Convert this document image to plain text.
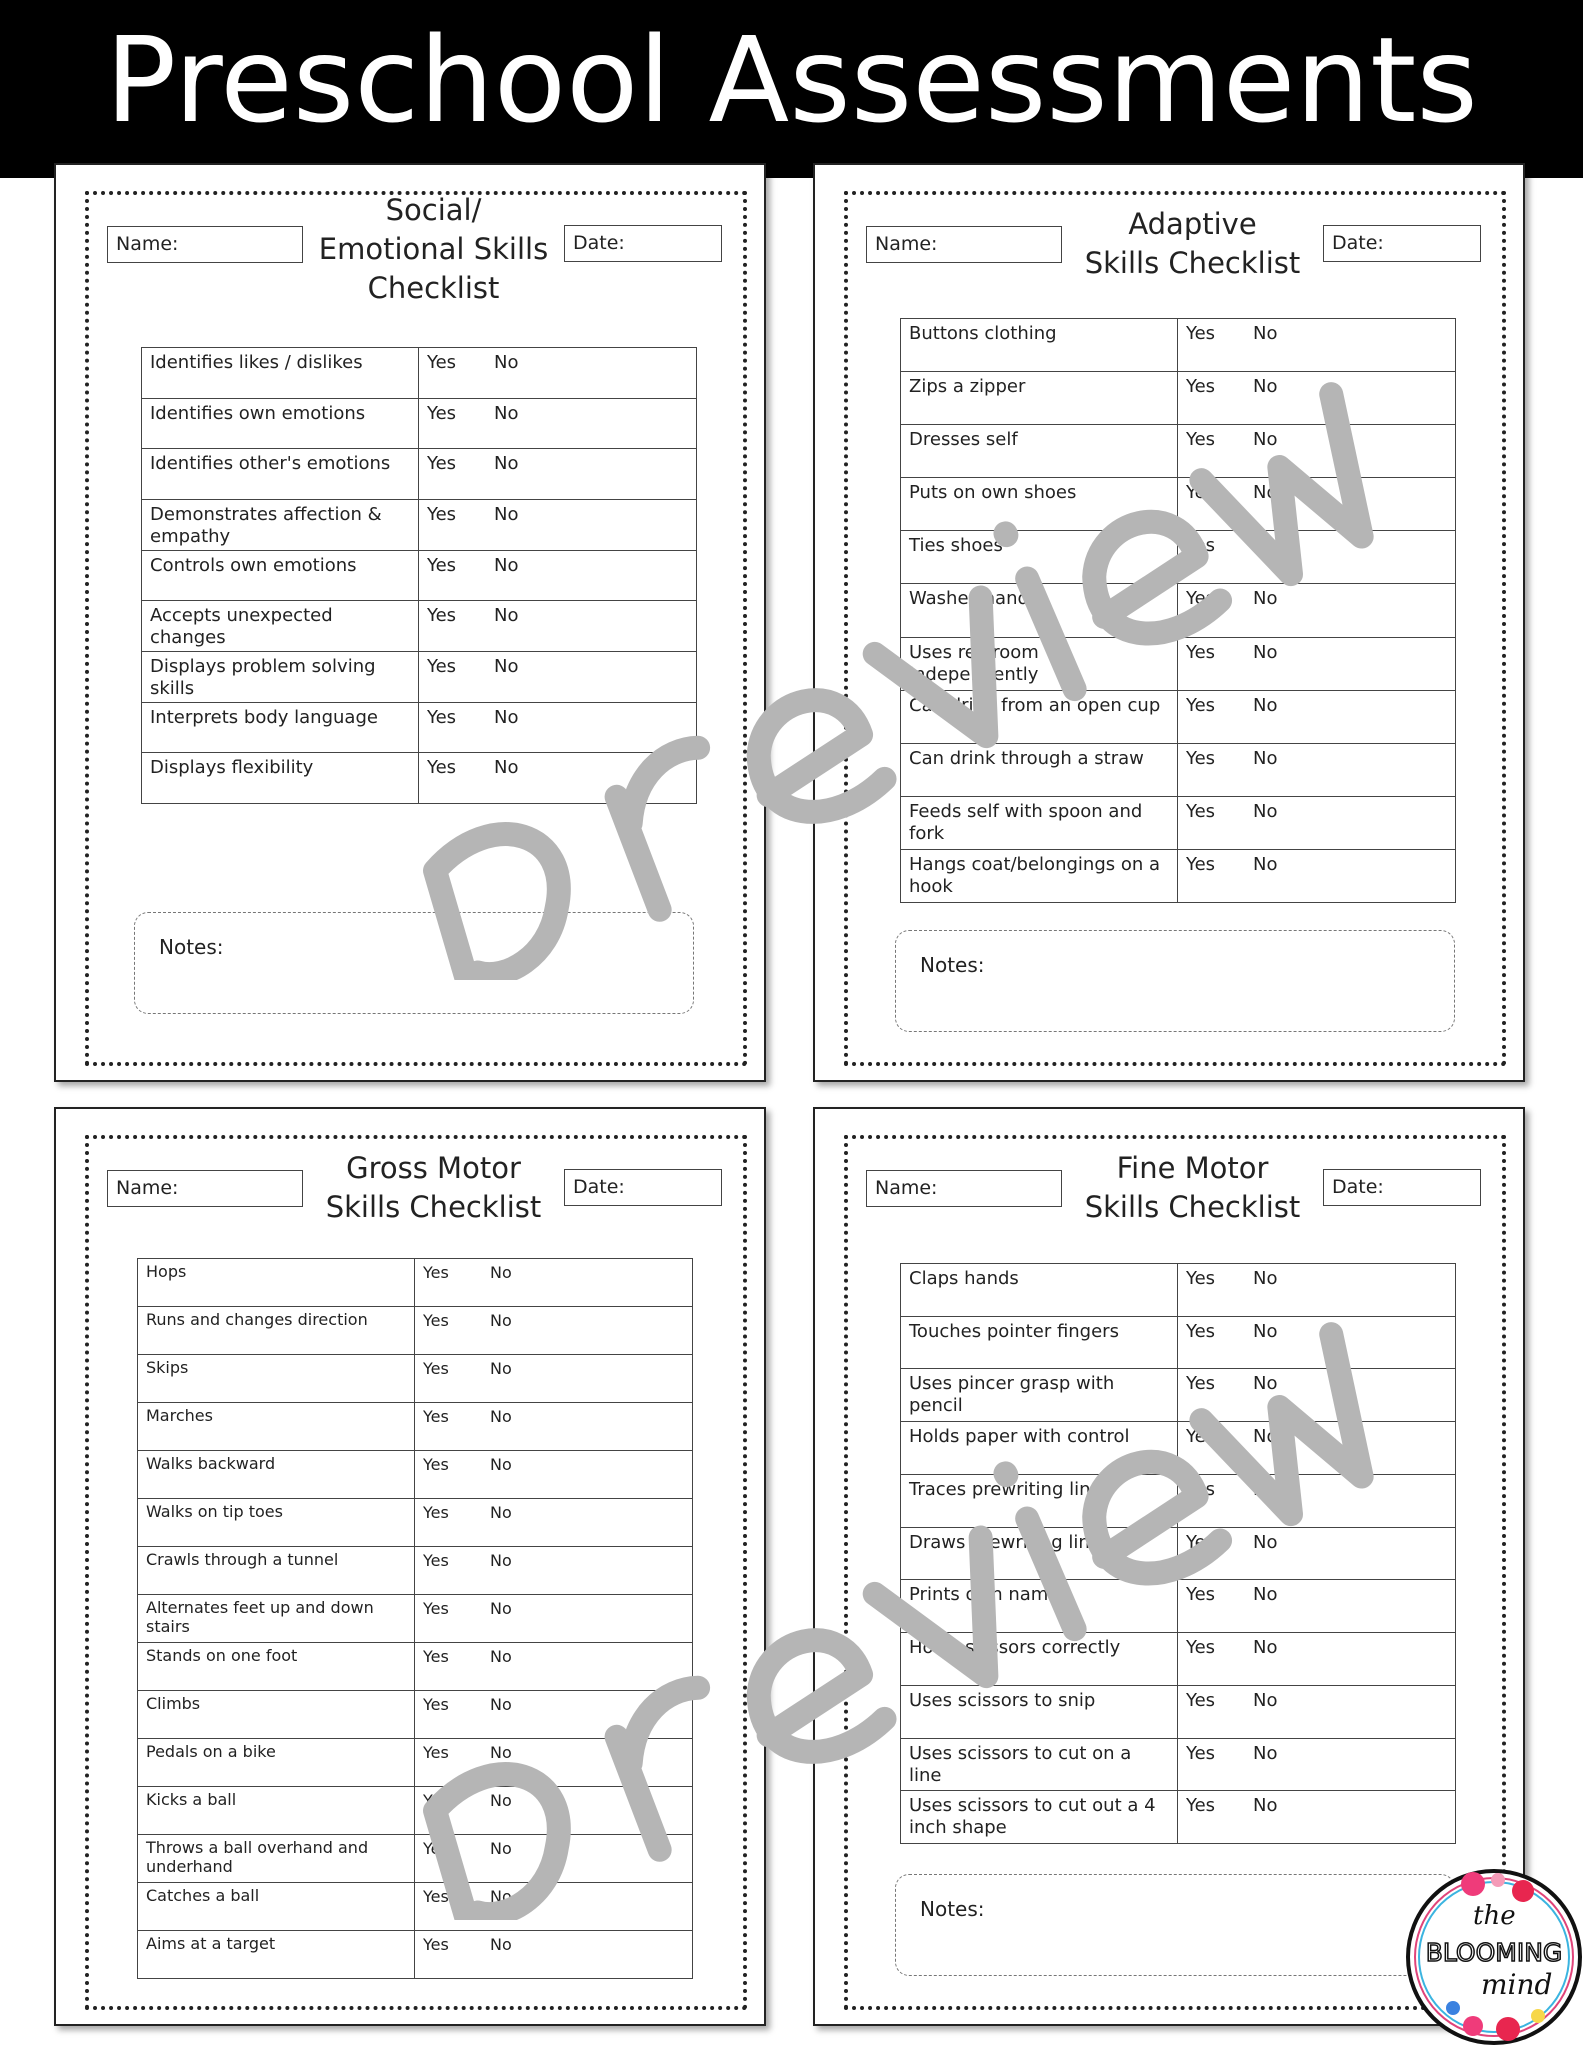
Preschool Assessments
Name:	Date:
Social/
Emotional Skills
Checklist
Identifies likes / dislikes	Yes	No
Identifies own emotions	Yes	No
Identifies other's emotions	Yes	No
Demonstrates affection & empathy
Yes	No
Controls own emotions	Yes	No
Accepts unexpected changes
Yes	No
Displays problem solving skills
Yes	No
Interprets body language	Yes	No
Displays flexibility	Yes	No
Notes:
Name:	Date:
Adaptive
Skills Checklist
Buttons clothing	Yes	No
Zips a zipper	Yes	No
Dresses self	Yes	No
Puts on own shoes	Yes	No
Ties shoes	Yes	No
Washes hands	Yes	No
Uses restroom independently
Yes	No
Can drink from an open cup	Yes	No
Can drink through a straw	Yes	No
Feeds self with spoon and fork
Yes	No
Hangs coat/belongings on a hook
Yes	No
Notes:
Name:	Date:
Gross Motor
Skills Checklist
Hops	Yes	No
Runs and changes direction	Yes	No
Skips	Yes	No
Marches	Yes	No
Walks backward	Yes	No
Walks on tip toes	Yes	No
Crawls through a tunnel	Yes	No
Alternates feet up and down stairs
Yes	No
Stands on one foot	Yes	No
Climbs	Yes	No
Pedals on a bike	Yes	No
Kicks a ball	Yes	No
Throws a ball overhand and underhand
Yes	No
Catches a ball	Yes	No
Aims at a target	Yes	No
Name:	Date:
Fine Motor
Skills Checklist
Claps hands	Yes	No
Touches pointer fingers	Yes	No
Uses pincer grasp with pencil
Yes	No
Holds paper with control	Yes	No
Traces prewriting lines	Yes	No
Draws prewriting lines	Yes	No
Prints own name	Yes	No
Holds scissors correctly	Yes	No
Uses scissors to snip	Yes	No
Uses scissors to cut on a line
Yes	No
Uses scissors to cut out a 4 inch shape
Yes	No
Notes:	the
BLOOMING
mind
